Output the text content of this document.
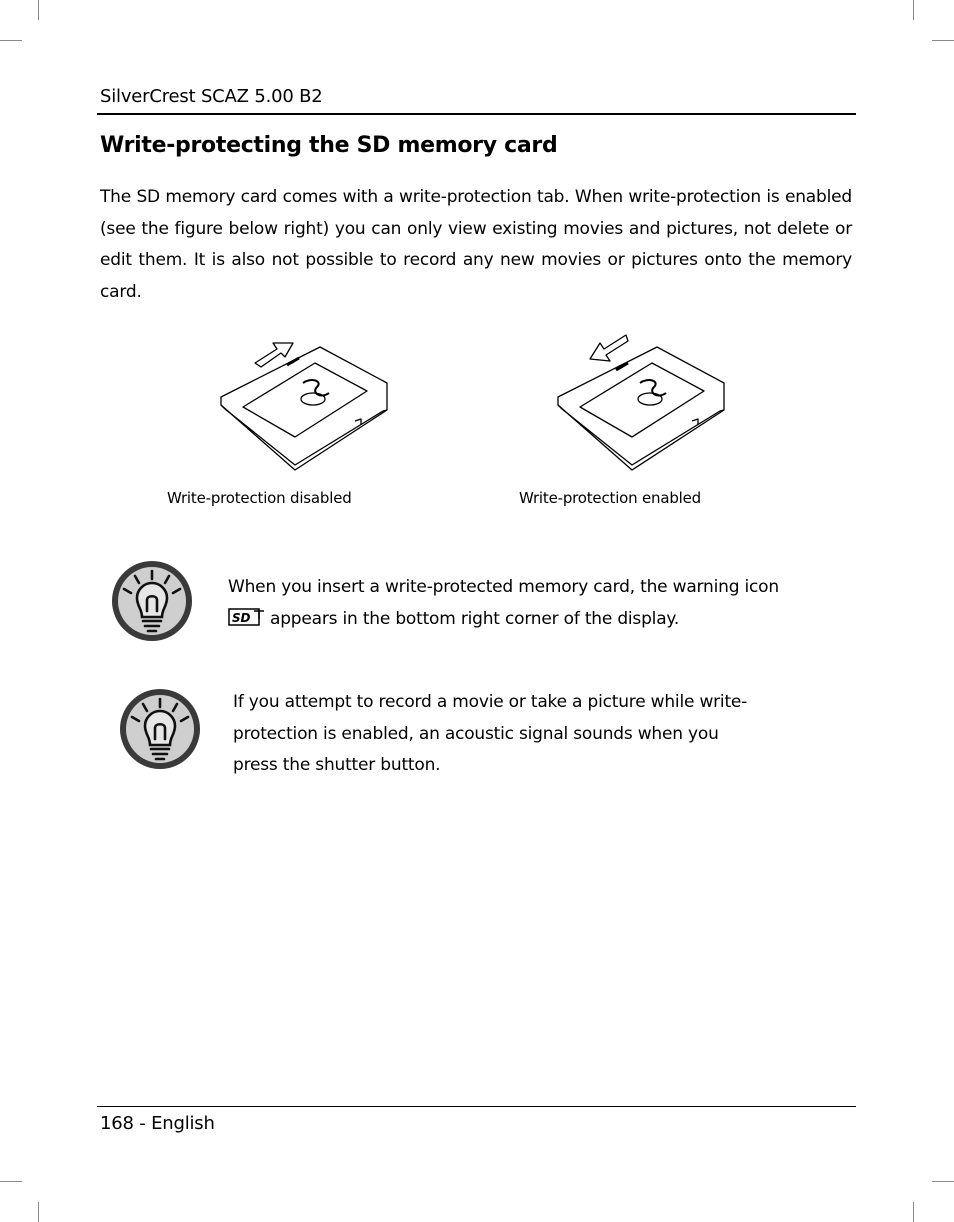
SilverCrest SCAZ 5.00 B2
Write-protecting the SD memory card

The SD memory card comes with a write-protection tab. When write-protection is enabled (see the figure below right) you can only view existing movies and pictures, not delete or edit them. It is also not possible to record any new movies or pictures onto the memory card.

Write-protection disabled	Write-protection enabled

When you insert a write-protected memory card, the warning icon

SD appears in the bottom right corner of the display.

If you attempt to record a movie or take a picture while write-protection is enabled, an acoustic signal sounds when you press the shutter button.

168 - English
